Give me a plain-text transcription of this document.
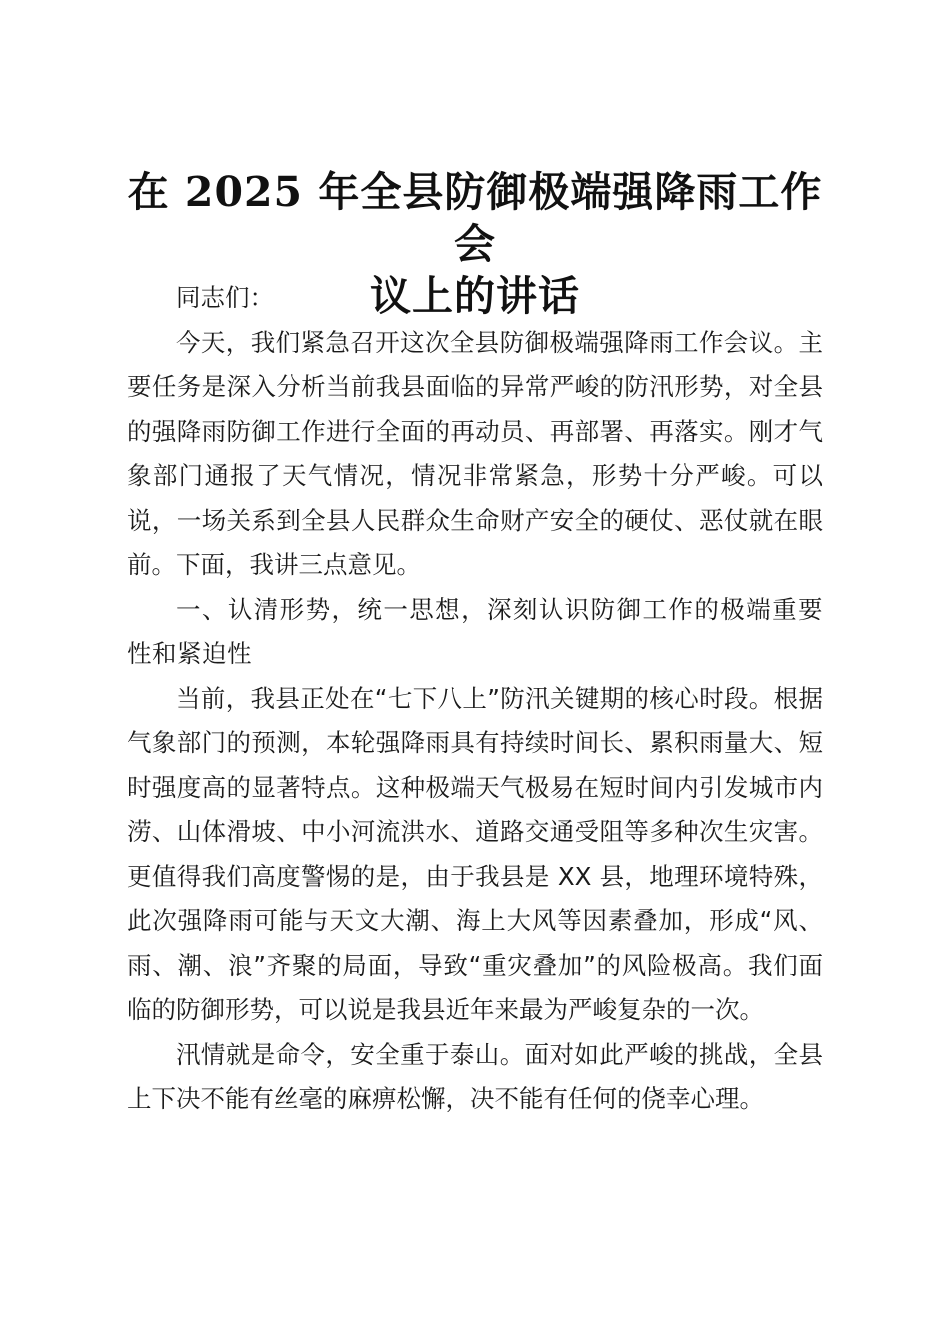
在 2025 年全县防御极端强降雨工作会
议上的讲话

同志们：

今天，我们紧急召开这次全县防御极端强降雨工作会议。主要任务是深入分析当前我县面临的异常严峻的防汛形势，对全县的强降雨防御工作进行全面的再动员、再部署、再落实。刚才气象部门通报了天气情况，情况非常紧急，形势十分严峻。可以说，一场关系到全县人民群众生命财产安全的硬仗、恶仗就在眼前。下面，我讲三点意见。

一、认清形势，统一思想，深刻认识防御工作的极端重要性和紧迫性

当前，我县正处在“七下八上”防汛关键期的核心时段。根据气象部门的预测，本轮强降雨具有持续时间长、累积雨量大、短时强度高的显著特点。这种极端天气极易在短时间内引发城市内涝、山体滑坡、中小河流洪水、道路交通受阻等多种次生灾害。更值得我们高度警惕的是，由于我县是 XX 县，地理环境特殊，此次强降雨可能与天文大潮、海上大风等因素叠加，形成“风、雨、潮、浪”齐聚的局面，导致“重灾叠加”的风险极高。我们面临的防御形势，可以说是我县近年来最为严峻复杂的一次。

汛情就是命令，安全重于泰山。面对如此严峻的挑战，全县上下决不能有丝毫的麻痹松懈，决不能有任何的侥幸心理。
